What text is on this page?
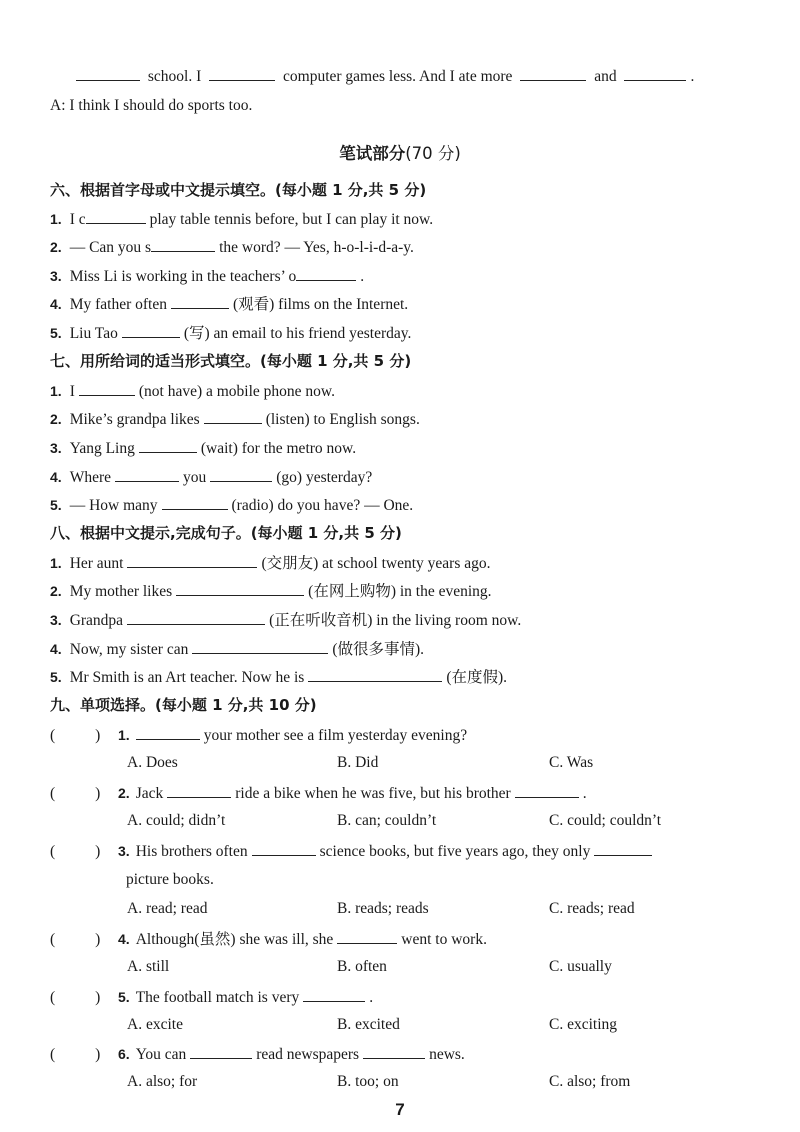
school. I	computer games less. And I ate more	and	.
A: I think I should do sports too.
笔试部分(70 分)
六、根据首字母或中文提示填空。(每小题 1 分,共 5 分)
1. I c	play table tennis before, but I can play it now.
2. — Can you s	the word? — Yes, h-o-l-i-d-a-y.
3. Miss Li is working in the teachers’ o	.
4. My father often	(观看) films on the Internet.
5. Liu Tao	(写) an email to his friend yesterday.
七、用所给词的适当形式填空。(每小题 1 分,共 5 分)
1. I	(not have) a mobile phone now.
2. Mike’s grandpa likes	(listen) to English songs.
3. Yang Ling	(wait) for the metro now.
4. Where	you	(go) yesterday?
5. — How many	(radio) do you have? — One.
八、根据中文提示,完成句子。(每小题 1 分,共 5 分)
1. Her aunt	(交朋友) at school twenty years ago.
2. My mother likes	(在网上购物) in the evening.
3. Grandpa	(正在听收音机) in the living room now.
4. Now, my sister can	(做很多事情).
5. Mr Smith is an Art teacher. Now he is	(在度假).
九、单项选择。(每小题 1 分,共 10 分)
(	) 1.	your mother see a film yesterday evening?
A. Does	B. Did	C. Was
(	) 2. Jack	ride a bike when he was five, but his brother	.
A. could; didn’t	B. can; couldn’t	C. could; couldn’t
(	) 3. His brothers often	science books, but five years ago, they only
picture books.
A. read; read	B. reads; reads	C. reads; read
(	) 4. Although(虽然) she was ill, she	went to work.
A. still	B. often	C. usually
(	) 5. The football match is very	.
A. excite	B. excited	C. exciting
(	) 6. You can	read newspapers	news.
A. also; for	B. too; on	C. also; from
7
